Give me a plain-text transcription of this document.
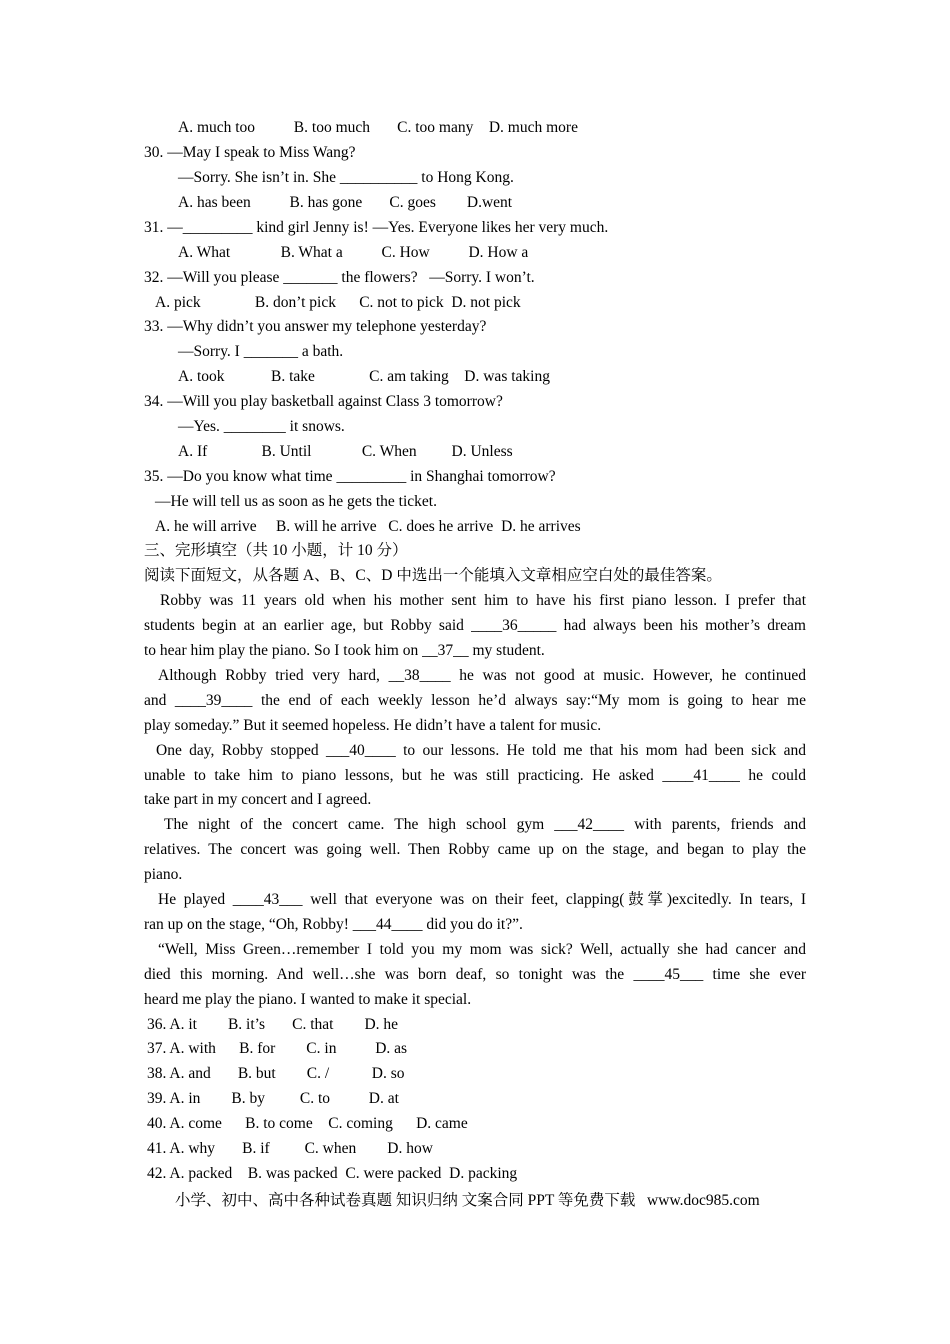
A. much too          B. too much       C. too many    D. much more
30. —May I speak to Miss Wang?
—Sorry. She isn’t in. She __________ to Hong Kong.
A. has been          B. has gone       C. goes        D.went
31. —_________ kind girl Jenny is! —Yes. Everyone likes her very much.
A. What             B. What a          C. How          D. How a
32. —Will you please _______ the flowers?   —Sorry. I won’t.
A. pick              B. don’t pick      C. not to pick  D. not pick
33. —Why didn’t you answer my telephone yesterday?
—Sorry. I _______ a bath.
A. took            B. take              C. am taking    D. was taking
34. —Will you play basketball against Class 3 tomorrow?
—Yes. ________ it snows.
A. If              B. Until             C. When         D. Unless
35. —Do you know what time _________ in Shanghai tomorrow?
—He will tell us as soon as he gets the ticket.
A. he will arrive     B. will he arrive   C. does he arrive  D. he arrives
三、完形填空（共 10 小题，计 10 分）
阅读下面短文，从各题 A、B、C、D 中选出一个能填入文章相应空白处的最佳答案。
Robby was 11 years old when his mother sent him to have his first piano lesson. I prefer that
students begin at an earlier age, but Robby said ____36_____ had always been his mother’s dream
to hear him play the piano. So I took him on __37__ my student.
Although Robby tried very hard, __38____ he was not good at music. However, he continued
and ____39____ the end of each weekly lesson he’d always say:“My mom is going to hear me
play someday.” But it seemed hopeless. He didn’t have a talent for music.
One day, Robby stopped ___40____ to our lessons. He told me that his mom had been sick and
unable to take him to piano lessons, but he was still practicing. He asked ____41____ he could
take part in my concert and I agreed.
The night of the concert came. The high school gym ___42____ with parents, friends and
relatives. The concert was going well. Then Robby came up on the stage, and began to play the
piano.
He played ____43___ well that everyone was on their feet, clapping(鼓掌)excitedly. In tears, I
ran up on the stage, “Oh, Robby! ___44____ did you do it?”.
“Well, Miss Green…remember I told you my mom was sick? Well, actually she had cancer and
died this morning. And well…she was born deaf, so tonight was the ____45___ time she ever
heard me play the piano. I wanted to make it special.
36. A. it        B. it’s       C. that        D. he
37. A. with      B. for        C. in          D. as
38. A. and       B. but        C. /           D. so
39. A. in        B. by         C. to          D. at
40. A. come      B. to come    C. coming      D. came
41. A. why       B. if         C. when        D. how
42. A. packed    B. was packed  C. were packed  D. packing
小学、初中、高中各种试卷真题 知识归纳 文案合同 PPT 等免费下载   www.doc985.com
